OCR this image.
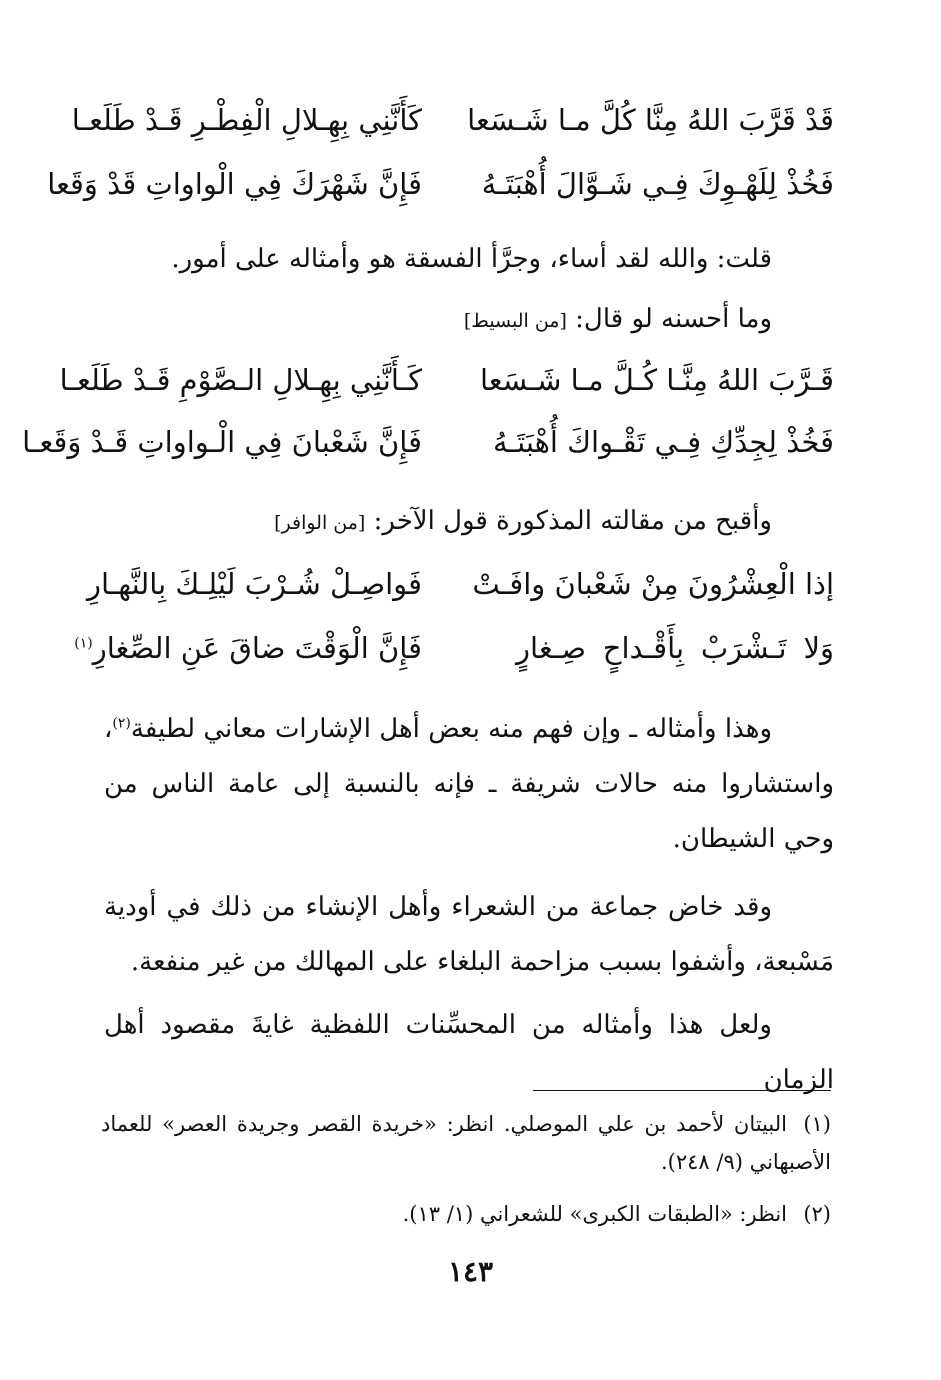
قَدْ قَرَّبَ اللهُ مِنَّا كُلَّ مـا شَـسَعا
كَأَنَّنِي بِهِـلالِ الْفِطْـرِ قَـدْ طَلَعـا
فَخُذْ لِلَهْـوِكَ فِـي شَـوَّالَ أُهْبَتَـهُ
فَإِنَّ شَهْرَكَ فِي الْواواتِ قَدْ وَقَعا
قلت: والله لقد أساء، وجرَّأ الفسقة هو وأمثاله على أمور.
وما أحسنه لو قال: [من البسيط]
قَـرَّبَ اللهُ مِنَّـا كُـلَّ مـا شَـسَعا
كَـأَنَّنِي بِهِـلالِ الـصَّوْمِ قَـدْ طَلَعـا
فَخُذْ لِجِدِّكِ فِـي تَقْـواكَ أُهْبَتَـهُ
فَإِنَّ شَعْبانَ فِي الْـواواتِ قَـدْ وَقَعـا
وأقبح من مقالته المذكورة قول الآخر: [من الوافر]
إذا الْعِشْرُونَ مِنْ شَعْبانَ وافَـتْ
فَواصِـلْ شُـرْبَ لَيْلِـكَ بِالنَّهـارِ
وَلا تَـشْرَبْ بِأَقْـداحٍ صِـغارٍ
فَإِنَّ الْوَقْتَ ضاقَ عَنِ الصِّغارِ$^{(١)}$
وهذا وأمثاله ـ وإن فهم منه بعض أهل الإشارات معاني لطيفة$^{(٢)}$، واستشاروا منه حالات شريفة ـ فإنه بالنسبة إلى عامة الناس من وحي الشيطان.
وقد خاض جماعة من الشعراء وأهل الإنشاء من ذلك في أودية مَسْبعة، وأشفوا بسبب مزاحمة البلغاء على المهالك من غير منفعة.
ولعل هذا وأمثاله من المحسِّنات اللفظية غايةَ مقصود أهل الزمان
(١)البيتان لأحمد بن علي الموصلي. انظر: «خريدة القصر وجريدة العصر» للعماد الأصبهاني (٩/ ٢٤٨).
(٢)انظر: «الطبقات الكبرى» للشعراني (١/ ١٣).
١٤٣
